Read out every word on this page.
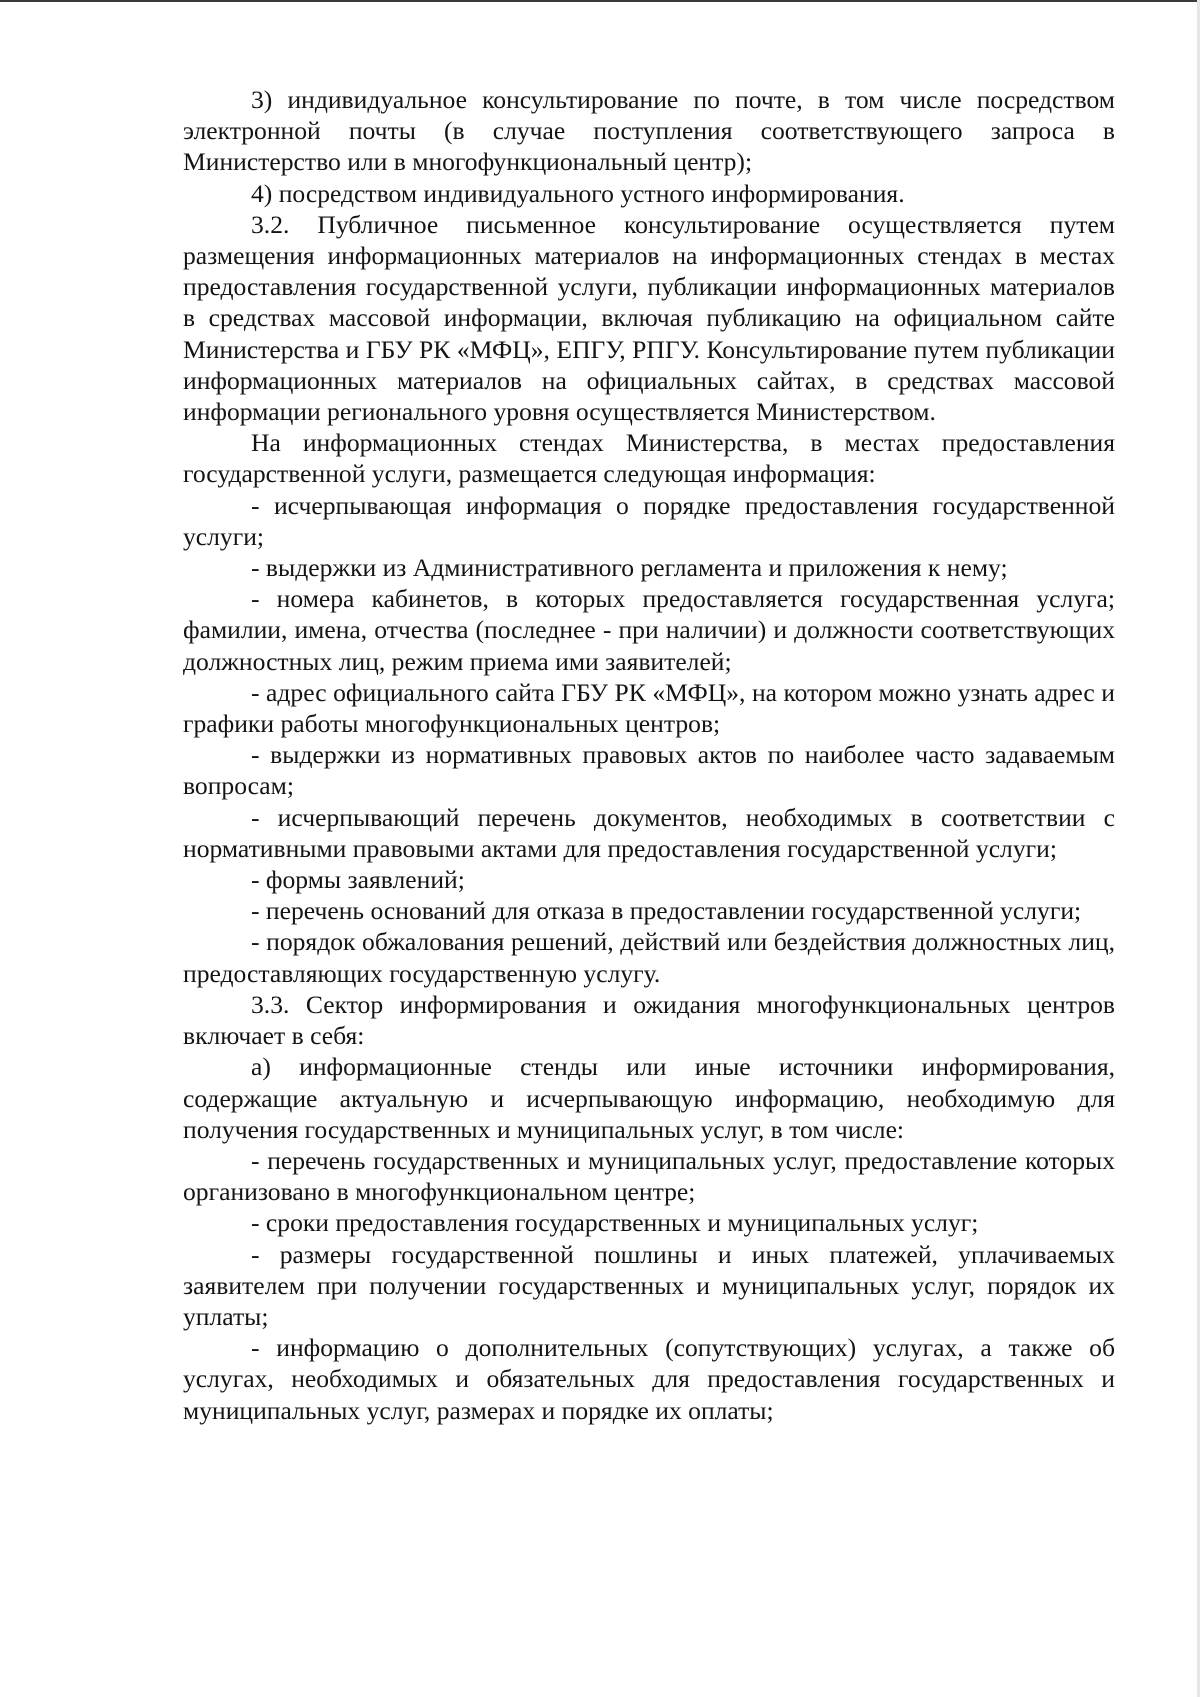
3) индивидуальное консультирование по почте, в том числе посредством электронной почты (в случае поступления соответствующего запроса в Министерство или в многофункциональный центр);

4) посредством индивидуального устного информирования.

3.2. Публичное письменное консультирование осуществляется путем размещения информационных материалов на информационных стендах в местах предоставления государственной услуги, публикации информационных материалов в средствах массовой информации, включая публикацию на официальном сайте Министерства и ГБУ РК «МФЦ», ЕПГУ, РПГУ. Консультирование путем публикации информационных материалов на официальных сайтах, в средствах массовой информации регионального уровня осуществляется Министерством.

На информационных стендах Министерства, в местах предоставления государственной услуги, размещается следующая информация:

- исчерпывающая информация о порядке предоставления государственной услуги;

- выдержки из Административного регламента и приложения к нему;

- номера кабинетов, в которых предоставляется государственная услуга; фамилии, имена, отчества (последнее - при наличии) и должности соответствующих должностных лиц, режим приема ими заявителей;

- адрес официального сайта ГБУ РК «МФЦ», на котором можно узнать адрес и графики работы многофункциональных центров;

- выдержки из нормативных правовых актов по наиболее часто задаваемым вопросам;

- исчерпывающий перечень документов, необходимых в соответствии с нормативными правовыми актами для предоставления государственной услуги;

- формы заявлений;

- перечень оснований для отказа в предоставлении государственной услуги;

- порядок обжалования решений, действий или бездействия должностных лиц, предоставляющих государственную услугу.

3.3. Сектор информирования и ожидания многофункциональных центров включает в себя:

а) информационные стенды или иные источники информирования, содержащие актуальную и исчерпывающую информацию, необходимую для получения государственных и муниципальных услуг, в том числе:

- перечень государственных и муниципальных услуг, предоставление которых организовано в многофункциональном центре;

- сроки предоставления государственных и муниципальных услуг;

- размеры государственной пошлины и иных платежей, уплачиваемых заявителем при получении государственных и муниципальных услуг, порядок их уплаты;

- информацию о дополнительных (сопутствующих) услугах, а также об услугах, необходимых и обязательных для предоставления государственных и муниципальных услуг, размерах и порядке их оплаты;
